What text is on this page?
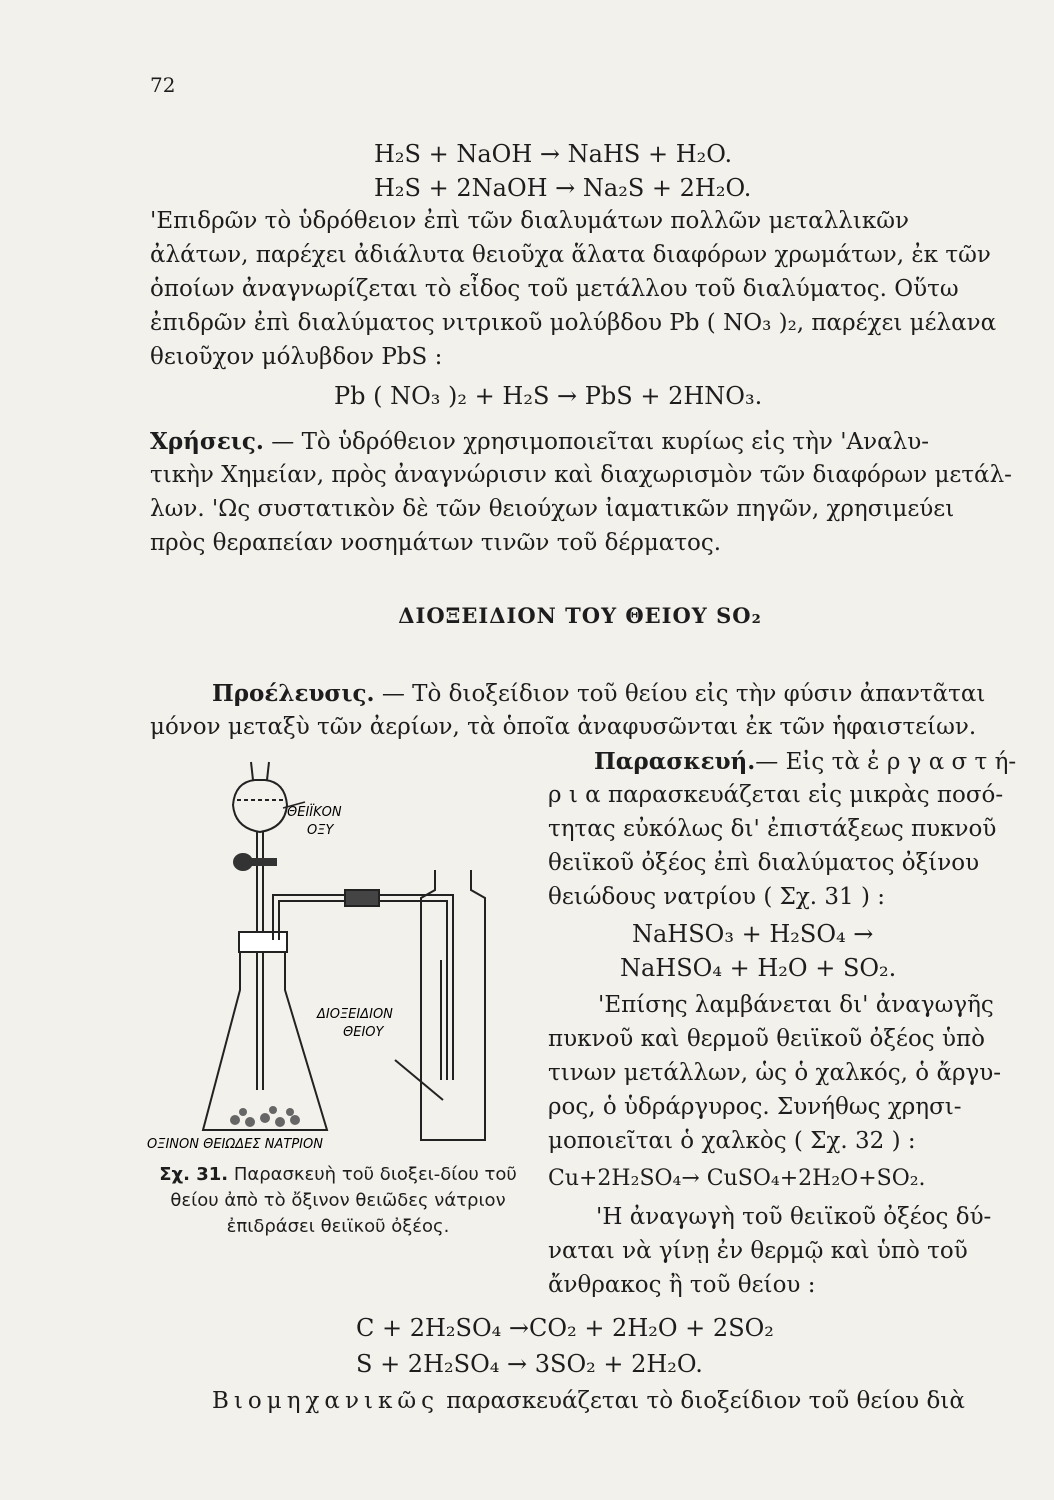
72
H₂S + NaOH → NaHS + H₂O.
H₂S + 2NaOH → Na₂S + 2H₂O.
'Επιδρῶν τὸ ὑδρόθειον ἐπὶ τῶν διαλυμάτων πολλῶν μεταλλικῶν
ἀλάτων, παρέχει ἀδιάλυτα θειοῦχα ἅλατα διαφόρων χρωμάτων, ἐκ τῶν
ὁποίων ἀναγνωρίζεται τὸ εἶδος τοῦ μετάλλου τοῦ διαλύματος. Οὕτω
ἐπιδρῶν ἐπὶ διαλύματος νιτρικοῦ μολύβδου Pb ( NO₃ )₂, παρέχει μέλανα
θειοῦχον μόλυβδον PbS :
Pb ( NO₃ )₂ + H₂S → PbS + 2HNO₃.
Χρήσεις. — Τὸ ὑδρόθειον χρησιμοποιεῖται κυρίως εἰς τὴν 'Αναλυ-
τικὴν Χημείαν, πρὸς ἀναγνώρισιν καὶ διαχωρισμὸν τῶν διαφόρων μετάλ-
λων. 'Ως συστατικὸν δὲ τῶν θειούχων ἰαματικῶν πηγῶν, χρησιμεύει
πρὸς θεραπείαν νοσημάτων τινῶν τοῦ δέρματος.
ΔΙΟΞΕΙΔΙΟΝ ΤΟΥ ΘΕΙΟΥ SO₂
Προέλευσις. — Τὸ διοξείδιον τοῦ θείου εἰς τὴν φύσιν ἀπαντᾶται
μόνον μεταξὺ τῶν ἀερίων, τὰ ὁποῖα ἀναφυσῶνται ἐκ τῶν ἡφαιστείων.
Παρασκευή.— Εἰς τὰ ἐ ρ γ α σ τ ή-
ρ ι α παρασκευάζεται εἰς μικρὰς ποσό-
τητας εὐκόλως δι' ἐπιστάξεως πυκνοῦ
θειϊκοῦ ὀξέος ἐπὶ διαλύματος ὀξίνου
θειώδους νατρίου ( Σχ. 31 ) :
NaHSO₃ + H₂SO₄ →
NaHSO₄ + H₂O + SO₂.
'Επίσης λαμβάνεται δι' ἀναγωγῆς
πυκνοῦ καὶ θερμοῦ θειϊκοῦ ὀξέος ὑπὸ
τινων μετάλλων, ὡς ὁ χαλκός, ὁ ἄργυ-
ρος, ὁ ὑδράργυρος. Συνήθως χρησι-
μοποιεῖται ὁ χαλκὸς ( Σχ. 32 ) :
Cu+2H₂SO₄→ CuSO₄+2H₂O+SO₂.
'Η ἀναγωγὴ τοῦ θειϊκοῦ ὀξέος δύ-
ναται νὰ γίνῃ ἐν θερμῷ καὶ ὑπὸ τοῦ
ἄνθρακος ἢ τοῦ θείου :
C + 2H₂SO₄ →CO₂ + 2H₂O + 2SO₂
S + 2H₂SO₄ → 3SO₂ + 2H₂O.
Βιομηχανικῶς παρασκευάζεται τὸ διοξείδιον τοῦ θείου διὰ
ΘΕΙΪΚΟΝ
ΟΞΥ
ΔΙΟΞΕΙΔΙΟΝ
ΘΕΙΟΥ
ΟΞΙΝΟΝ ΘΕΙΩΔΕΣ ΝΑΤΡΙΟΝ
Σχ. 31. Παρασκευὴ τοῦ διοξει-δίου τοῦ θείου ἀπὸ τὸ ὄξινον θειῶδες νάτριον ἐπιδράσει θειϊκοῦ ὀξέος.
